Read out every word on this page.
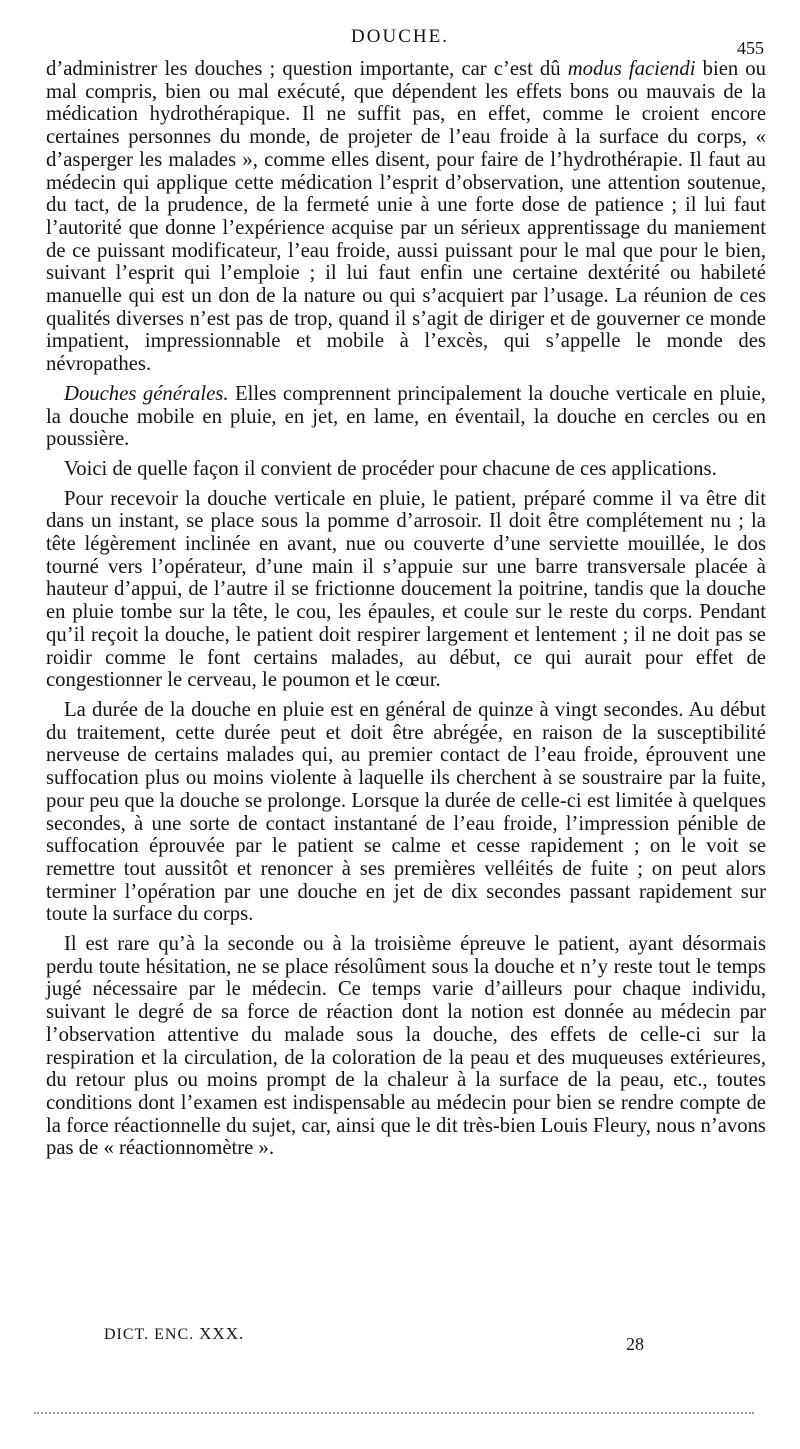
DOUCHE.
455

d’administrer les douches ; question importante, car c’est dû modus faciendi bien ou mal compris, bien ou mal exécuté, que dépendent les effets bons ou mauvais de la médication hydrothérapique. Il ne suffit pas, en effet, comme le croient encore certaines personnes du monde, de projeter de l’eau froide à la surface du corps, « d’asperger les malades », comme elles disent, pour faire de l’hydrothérapie. Il faut au médecin qui applique cette médication l’esprit d’observation, une attention soutenue, du tact, de la prudence, de la fermeté unie à une forte dose de patience ; il lui faut l’autorité que donne l’expérience acquise par un sérieux apprentissage du maniement de ce puissant modificateur, l’eau froide, aussi puissant pour le mal que pour le bien, suivant l’esprit qui l’emploie ; il lui faut enfin une certaine dextérité ou habileté manuelle qui est un don de la nature ou qui s’acquiert par l’usage. La réunion de ces qualités diverses n’est pas de trop, quand il s’agit de diriger et de gouverner ce monde impatient, impressionnable et mobile à l’excès, qui s’appelle le monde des névropathes.

Douches générales. Elles comprennent principalement la douche verticale en pluie, la douche mobile en pluie, en jet, en lame, en éventail, la douche en cercles ou en poussière.

Voici de quelle façon il convient de procéder pour chacune de ces applications.

Pour recevoir la douche verticale en pluie, le patient, préparé comme il va être dit dans un instant, se place sous la pomme d’arrosoir. Il doit être complétement nu ; la tête légèrement inclinée en avant, nue ou couverte d’une serviette mouillée, le dos tourné vers l’opérateur, d’une main il s’appuie sur une barre transversale placée à hauteur d’appui, de l’autre il se frictionne doucement la poitrine, tandis que la douche en pluie tombe sur la tête, le cou, les épaules, et coule sur le reste du corps. Pendant qu’il reçoit la douche, le patient doit respirer largement et lentement ; il ne doit pas se roidir comme le font certains malades, au début, ce qui aurait pour effet de congestionner le cerveau, le poumon et le cœur.

La durée de la douche en pluie est en général de quinze à vingt secondes. Au début du traitement, cette durée peut et doit être abrégée, en raison de la susceptibilité nerveuse de certains malades qui, au premier contact de l’eau froide, éprouvent une suffocation plus ou moins violente à laquelle ils cherchent à se soustraire par la fuite, pour peu que la douche se prolonge. Lorsque la durée de celle-ci est limitée à quelques secondes, à une sorte de contact instantané de l’eau froide, l’impression pénible de suffocation éprouvée par le patient se calme et cesse rapidement ; on le voit se remettre tout aussitôt et renoncer à ses premières velléités de fuite ; on peut alors terminer l’opération par une douche en jet de dix secondes passant rapidement sur toute la surface du corps.

Il est rare qu’à la seconde ou à la troisième épreuve le patient, ayant désormais perdu toute hésitation, ne se place résolûment sous la douche et n’y reste tout le temps jugé nécessaire par le médecin. Ce temps varie d’ailleurs pour chaque individu, suivant le degré de sa force de réaction dont la notion est donnée au médecin par l’observation attentive du malade sous la douche, des effets de celle-ci sur la respiration et la circulation, de la coloration de la peau et des muqueuses extérieures, du retour plus ou moins prompt de la chaleur à la surface de la peau, etc., toutes conditions dont l’examen est indispensable au médecin pour bien se rendre compte de la force réactionnelle du sujet, car, ainsi que le dit très-bien Louis Fleury, nous n’avons pas de « réactionnomètre ».

DICT. ENC. XXX.
28
